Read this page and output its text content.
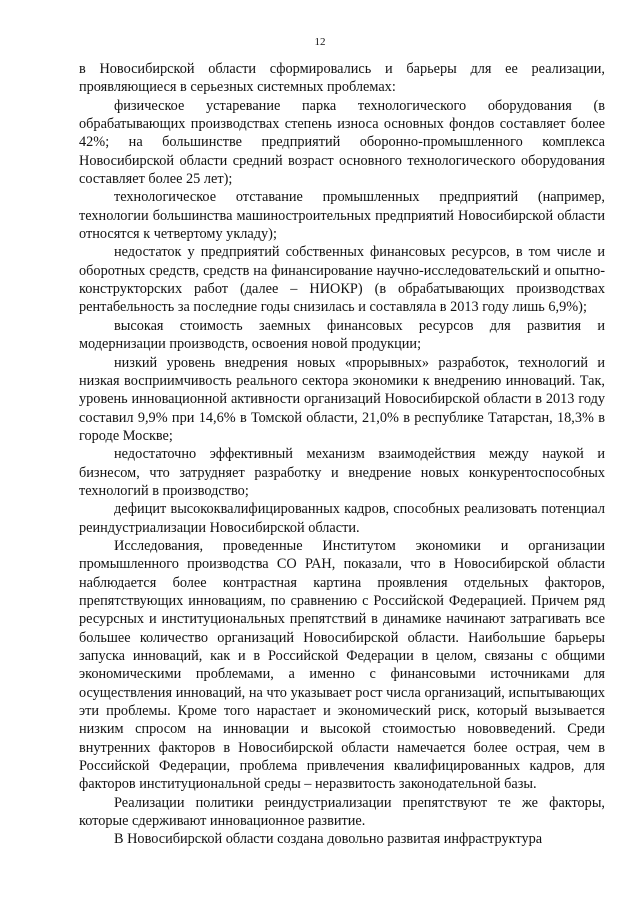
12

в Новосибирской области сформировались и барьеры для ее реализации, проявляющиеся в серьезных системных проблемах:

физическое устаревание парка технологического оборудования (в обрабатывающих производствах степень износа основных фондов составляет более 42%; на большинстве предприятий оборонно-промышленного комплекса Новосибирской области средний возраст основного технологического оборудования составляет более 25 лет);

технологическое отставание промышленных предприятий (например, технологии большинства машиностроительных предприятий Новосибирской области относятся к четвертому укладу);

недостаток у предприятий собственных финансовых ресурсов, в том числе и оборотных средств, средств на финансирование научно-исследовательский и опытно-конструкторских работ (далее – НИОКР) (в обрабатывающих производствах рентабельность за последние годы снизилась и составляла в 2013 году лишь 6,9%);

высокая стоимость заемных финансовых ресурсов для развития и модернизации производств, освоения новой продукции;

низкий уровень внедрения новых «прорывных» разработок, технологий и низкая восприимчивость реального сектора экономики к внедрению инноваций. Так, уровень инновационной активности организаций Новосибирской области в 2013 году составил 9,9% при 14,6% в Томской области, 21,0% в республике Татарстан, 18,3% в городе Москве;

недостаточно эффективный механизм взаимодействия между наукой и бизнесом, что затрудняет разработку и внедрение новых конкурентоспособных технологий в производство;

дефицит высококвалифицированных кадров, способных реализовать потенциал реиндустриализации Новосибирской области.

Исследования, проведенные Институтом экономики и организации промышленного производства СО РАН, показали, что в Новосибирской области наблюдается более контрастная картина проявления отдельных факторов, препятствующих инновациям, по сравнению с Российской Федерацией. Причем ряд ресурсных и институциональных препятствий в динамике начинают затрагивать все большее количество организаций Новосибирской области. Наибольшие барьеры запуска инноваций, как и в Российской Федерации в целом, связаны с общими экономическими проблемами, а именно с финансовыми источниками для осуществления инноваций, на что указывает рост числа организаций, испытывающих эти проблемы. Кроме того нарастает и экономический риск, который вызывается низким спросом на инновации и высокой стоимостью нововведений. Среди внутренних факторов в Новосибирской области намечается более острая, чем в Российской Федерации, проблема привлечения квалифицированных кадров, для факторов институциональной среды – неразвитость законодательной базы.

Реализации политики реиндустриализации препятствуют те же факторы, которые сдерживают инновационное развитие.

В Новосибирской области создана довольно развитая инфраструктура
